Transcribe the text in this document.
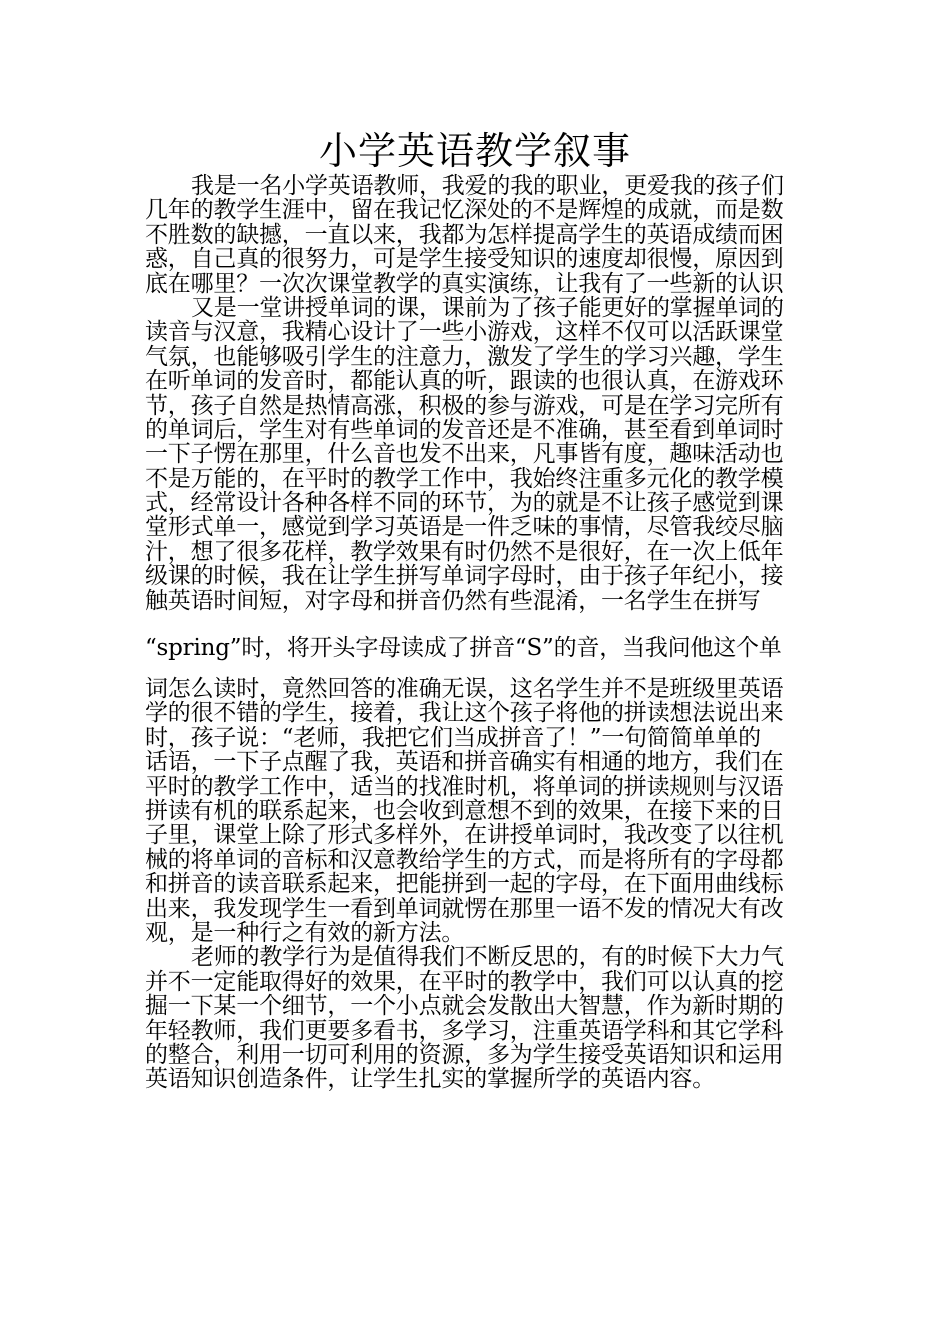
小学英语教学叙事
我是一名小学英语教师，我爱的我的职业，更爱我的孩子们
几年的教学生涯中，留在我记忆深处的不是辉煌的成就，而是数
不胜数的缺撼，一直以来，我都为怎样提高学生的英语成绩而困
惑，自己真的很努力，可是学生接受知识的速度却很慢，原因到
底在哪里？一次次课堂教学的真实演练，让我有了一些新的认识
又是一堂讲授单词的课，课前为了孩子能更好的掌握单词的
读音与汉意，我精心设计了一些小游戏，这样不仅可以活跃课堂
气氛，也能够吸引学生的注意力，激发了学生的学习兴趣，学生
在听单词的发音时，都能认真的听，跟读的也很认真，在游戏环
节，孩子自然是热情高涨，积极的参与游戏，可是在学习完所有
的单词后，学生对有些单词的发音还是不准确，甚至看到单词时
一下子愣在那里，什么音也发不出来，凡事皆有度，趣味活动也
不是万能的，在平时的教学工作中，我始终注重多元化的教学模
式，经常设计各种各样不同的环节，为的就是不让孩子感觉到课
堂形式单一，感觉到学习英语是一件乏味的事情，尽管我绞尽脑
汁，想了很多花样，教学效果有时仍然不是很好，在一次上低年
级课的时候，我在让学生拼写单词字母时，由于孩子年纪小，接
触英语时间短，对字母和拼音仍然有些混淆，一名学生在拼写
“spring”时，将开头字母读成了拼音“S”的音，当我问他这个单
词怎么读时，竟然回答的准确无误，这名学生并不是班级里英语
学的很不错的学生，接着，我让这个孩子将他的拼读想法说出来
时，孩子说：“老师，我把它们当成拼音了！”一句简简单单的
话语，一下子点醒了我，英语和拼音确实有相通的地方，我们在
平时的教学工作中，适当的找准时机，将单词的拼读规则与汉语
拼读有机的联系起来，也会收到意想不到的效果，在接下来的日
子里，课堂上除了形式多样外，在讲授单词时，我改变了以往机
械的将单词的音标和汉意教给学生的方式，而是将所有的字母都
和拼音的读音联系起来，把能拼到一起的字母，在下面用曲线标
出来，我发现学生一看到单词就愣在那里一语不发的情况大有改
观，是一种行之有效的新方法。
老师的教学行为是值得我们不断反思的，有的时候下大力气
并不一定能取得好的效果，在平时的教学中，我们可以认真的挖
掘一下某一个细节，一个小点就会发散出大智慧，作为新时期的
年轻教师，我们更要多看书，多学习，注重英语学科和其它学科
的整合，利用一切可利用的资源，多为学生接受英语知识和运用
英语知识创造条件，让学生扎实的掌握所学的英语内容。
